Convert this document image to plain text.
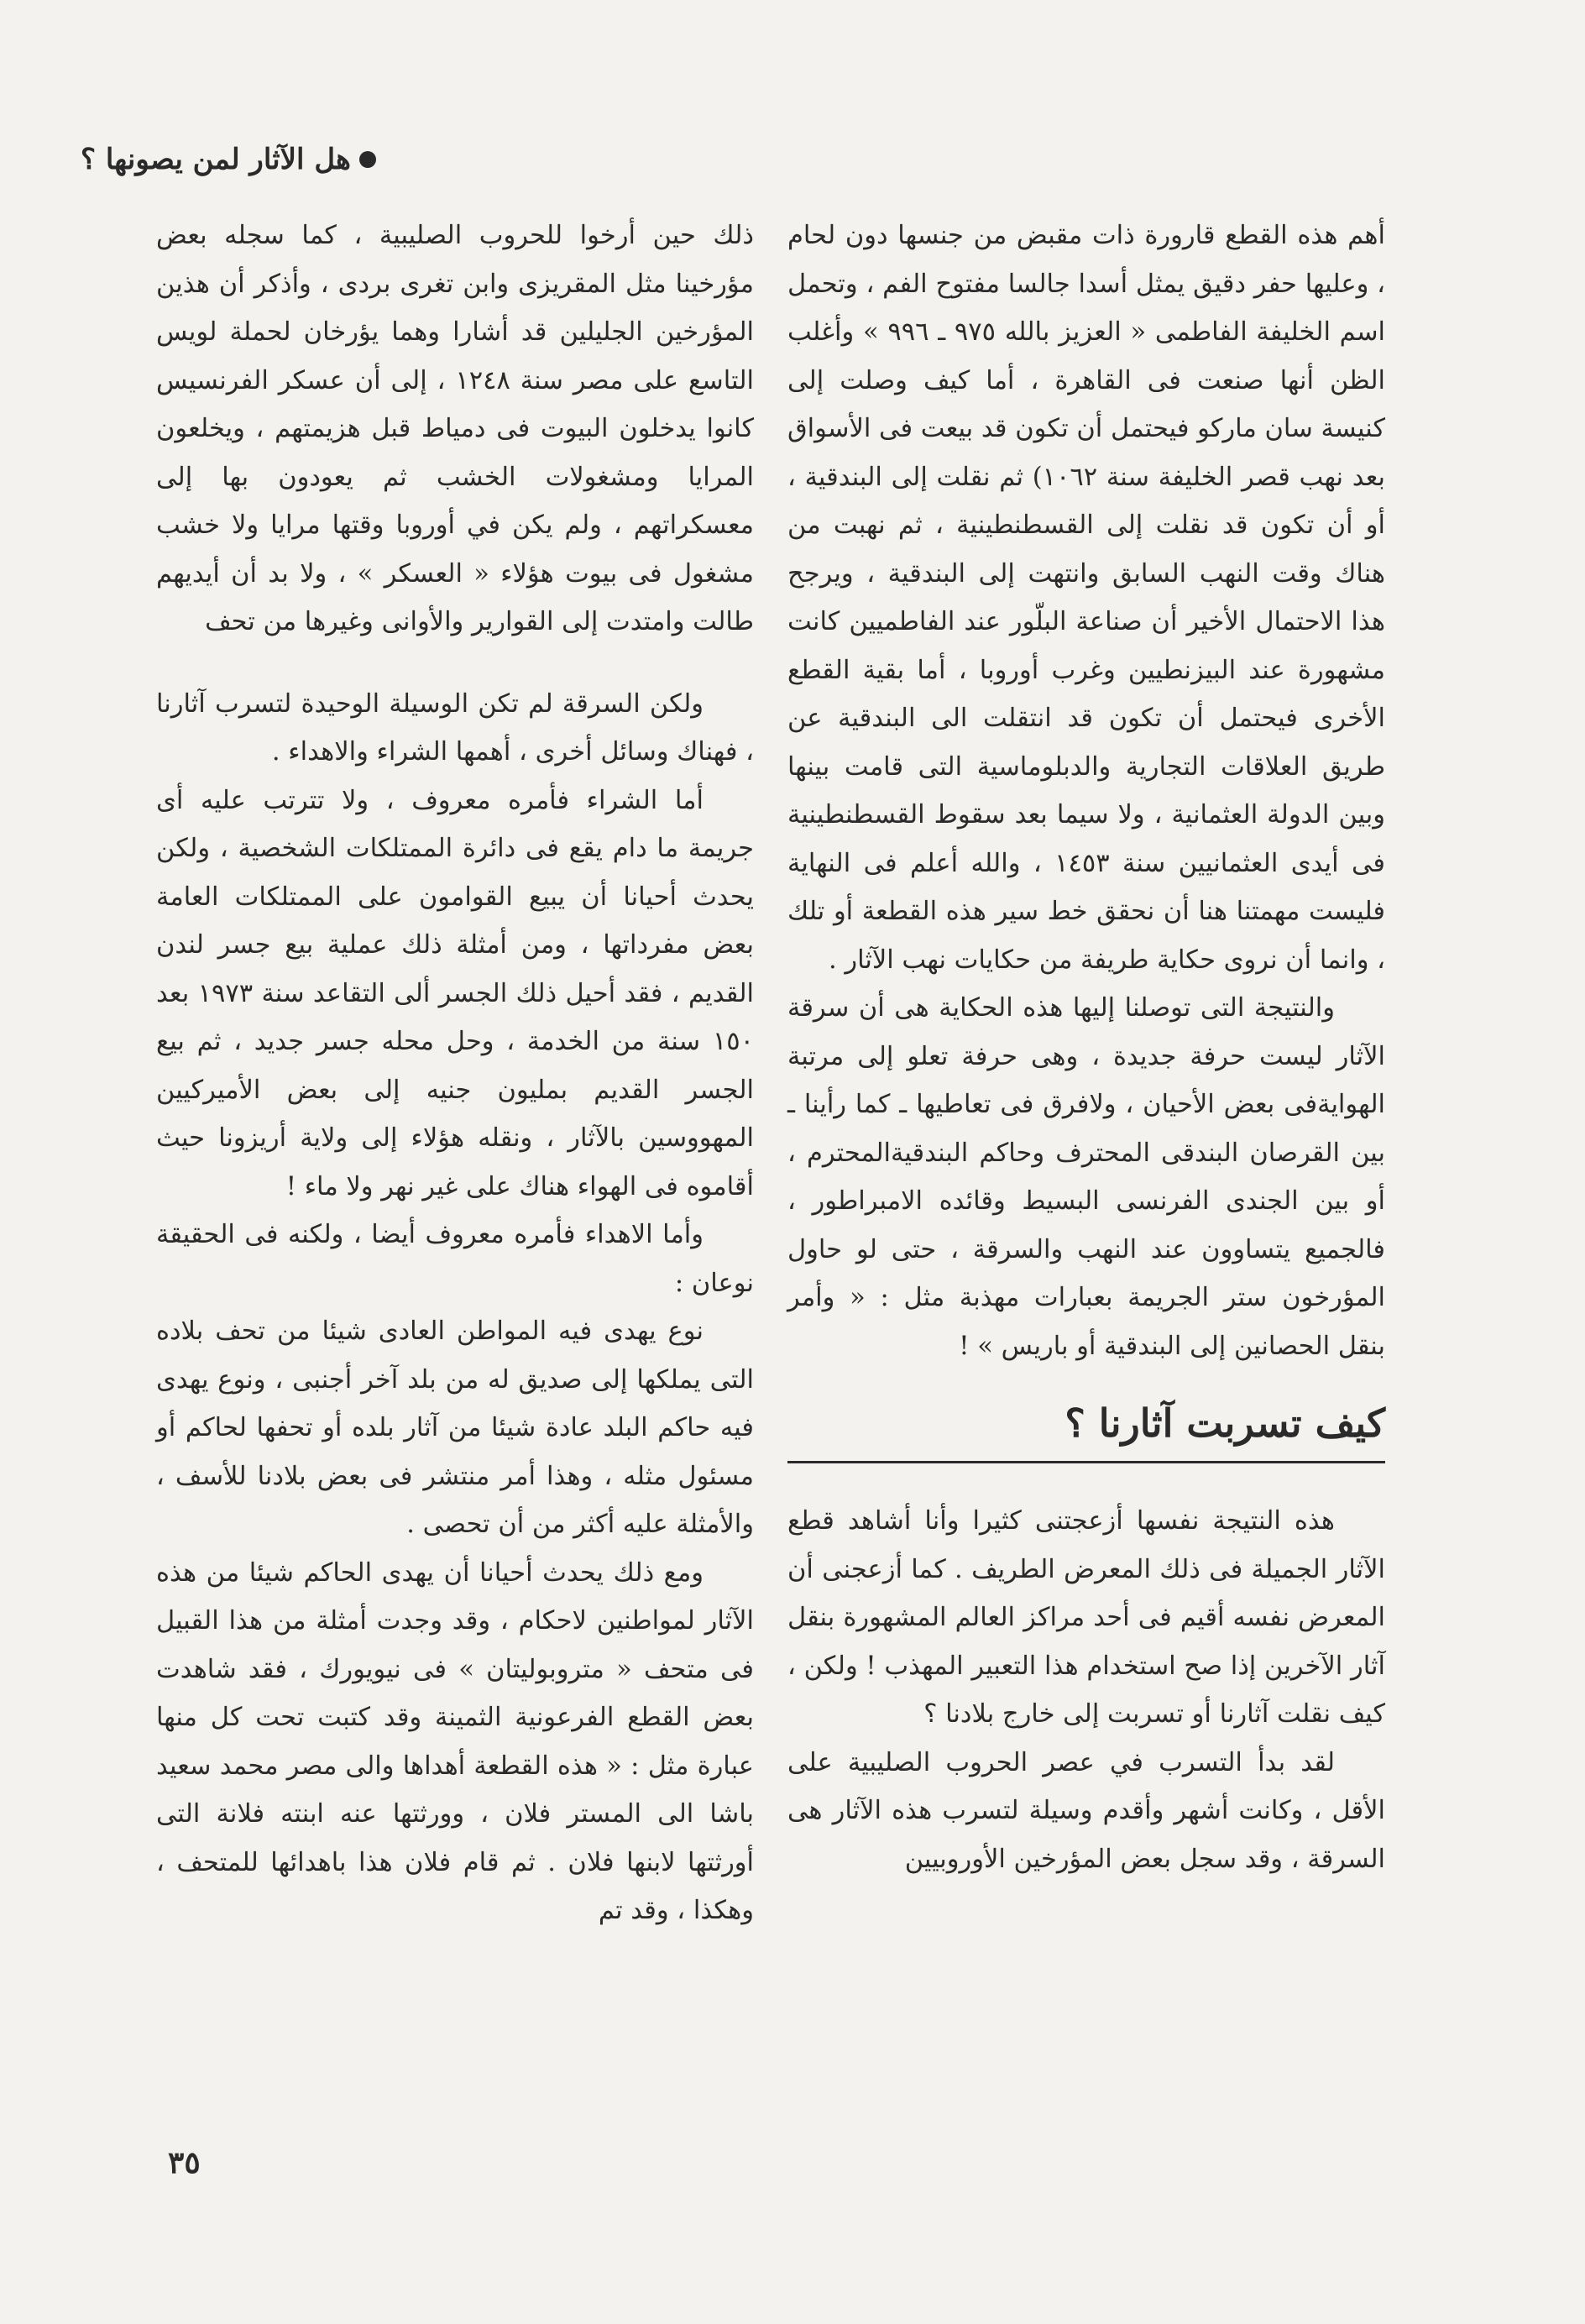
هل الآثار لمن يصونها ؟

أهم هذه القطع قارورة ذات مقبض من جنسها دون لحام ، وعليها حفر دقيق يمثل أسدا جالسا مفتوح الفم ، وتحمل اسم الخليفة الفاطمى « العزيز بالله ٩٧٥ ـ ٩٩٦ » وأغلب الظن أنها صنعت فى القاهرة ، أما كيف وصلت إلى كنيسة سان ماركو فيحتمل أن تكون قد بيعت فى الأسواق بعد نهب قصر الخليفة سنة ١٠٦٢) ثم نقلت إلى البندقية ، أو أن تكون قد نقلت إلى القسطنطينية ، ثم نهبت من هناك وقت النهب السابق وانتهت إلى البندقية ، ويرجح هذا الاحتمال الأخير أن صناعة البلّور عند الفاطميين كانت مشهورة عند البيزنطيين وغرب أوروبا ، أما بقية القطع الأخرى فيحتمل أن تكون قد انتقلت الى البندقية عن طريق العلاقات التجارية والدبلوماسية التى قامت بينها وبين الدولة العثمانية ، ولا سيما بعد سقوط القسطنطينية فى أيدى العثمانيين سنة ١٤٥٣ ، والله أعلم فى النهاية فليست مهمتنا هنا أن نحقق خط سير هذه القطعة أو تلك ، وانما أن نروى حكاية طريفة من حكايات نهب الآثار .

والنتيجة التى توصلنا إليها هذه الحكاية هى أن سرقة الآثار ليست حرفة جديدة ، وهى حرفة تعلو إلى مرتبة الهوايةفى بعض الأحيان ، ولافرق فى تعاطيها ـ كما رأينا ـ بين القرصان البندقى المحترف وحاكم البندقيةالمحترم ، أو بين الجندى الفرنسى البسيط وقائده الامبراطور ، فالجميع يتساوون عند النهب والسرقة ، حتى لو حاول المؤرخون ستر الجريمة بعبارات مهذبة مثل : « وأمر بنقل الحصانين إلى البندقية أو باريس » !

كيف تسربت آثارنا ؟

هذه النتيجة نفسها أزعجتنى كثيرا وأنا أشاهد قطع الآثار الجميلة فى ذلك المعرض الطريف . كما أزعجنى أن المعرض نفسه أقيم فى أحد مراكز العالم المشهورة بنقل آثار الآخرين إذا صح استخدام هذا التعبير المهذب ! ولكن ، كيف نقلت آثارنا أو تسربت إلى خارج بلادنا ؟

لقد بدأ التسرب في عصر الحروب الصليبية على الأقل ، وكانت أشهر وأقدم وسيلة لتسرب هذه الآثار هى السرقة ، وقد سجل بعض المؤرخين الأوروبيين

ذلك حين أرخوا للحروب الصليبية ، كما سجله بعض مؤرخينا مثل المقريزى وابن تغرى بردى ، وأذكر أن هذين المؤرخين الجليلين قد أشارا وهما يؤرخان لحملة لويس التاسع على مصر سنة ١٢٤٨ ، إلى أن عسكر الفرنسيس كانوا يدخلون البيوت فى دمياط قبل هزيمتهم ، ويخلعون المرايا ومشغولات الخشب ثم يعودون بها إلى معسكراتهم ، ولم يكن في أوروبا وقتها مرايا ولا خشب مشغول فى بيوت هؤلاء « العسكر » ، ولا بد أن أيديهم طالت وامتدت إلى القوارير والأوانى وغيرها من تحف

ولكن السرقة لم تكن الوسيلة الوحيدة لتسرب آثارنا ، فهناك وسائل أخرى ، أهمها الشراء والاهداء .

أما الشراء فأمره معروف ، ولا تترتب عليه أى جريمة ما دام يقع فى دائرة الممتلكات الشخصية ، ولكن يحدث أحيانا أن يبيع القوامون على الممتلكات العامة بعض مفرداتها ، ومن أمثلة ذلك عملية بيع جسر لندن القديم ، فقد أحيل ذلك الجسر ألى التقاعد سنة ١٩٧٣ بعد ١٥٠ سنة من الخدمة ، وحل محله جسر جديد ، ثم بيع الجسر القديم بمليون جنيه إلى بعض الأميركيين المهووسين بالآثار ، ونقله هؤلاء إلى ولاية أريزونا حيث أقاموه فى الهواء هناك على غير نهر ولا ماء !

وأما الاهداء فأمره معروف أيضا ، ولكنه فى الحقيقة نوعان :

نوع يهدى فيه المواطن العادى شيئا من تحف بلاده التى يملكها إلى صديق له من بلد آخر أجنبى ، ونوع يهدى فيه حاكم البلد عادة شيئا من آثار بلده أو تحفها لحاكم أو مسئول مثله ، وهذا أمر منتشر فى بعض بلادنا للأسف ، والأمثلة عليه أكثر من أن تحصى .

ومع ذلك يحدث أحيانا أن يهدى الحاكم شيئا من هذه الآثار لمواطنين لاحكام ، وقد وجدت أمثلة من هذا القبيل فى متحف « متروبوليتان » فى نيويورك ، فقد شاهدت بعض القطع الفرعونية الثمينة وقد كتبت تحت كل منها عبارة مثل : « هذه القطعة أهداها والى مصر محمد سعيد باشا الى المستر فلان ، وورثتها عنه ابنته فلانة التى أورثتها لابنها فلان . ثم قام فلان هذا باهدائها للمتحف ، وهكذا ، وقد تم

٣٥
